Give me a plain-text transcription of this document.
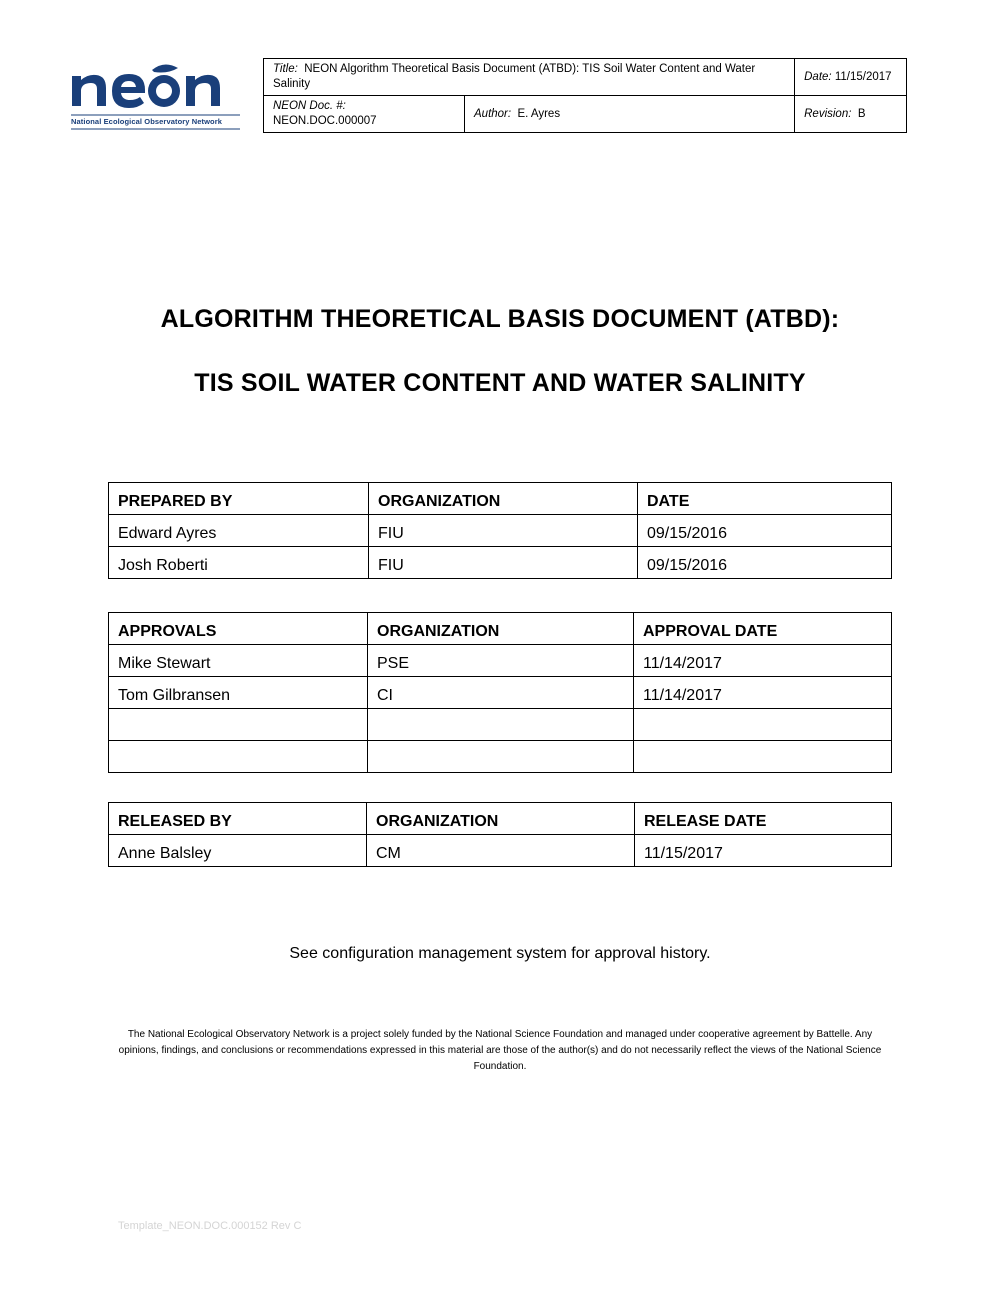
National Ecological Observatory Network
Title: NEON Algorithm Theoretical Basis Document (ATBD): TIS Soil Water Content and Water Salinity		Date: 11/15/2017
NEON Doc. #:  NEON.DOC.000007	Author: E. Ayres	Revision: B
ALGORITHM THEORETICAL BASIS DOCUMENT (ATBD):
TIS SOIL WATER CONTENT AND WATER SALINITY
PREPARED BY	ORGANIZATION	DATE
Edward Ayres	FIU	09/15/2016
Josh Roberti	FIU	09/15/2016
APPROVALS	ORGANIZATION	APPROVAL DATE
Mike Stewart	PSE	11/14/2017
Tom Gilbransen	CI	11/14/2017

RELEASED BY	ORGANIZATION	RELEASE DATE
Anne Balsley	CM	11/15/2017
See configuration management system for approval history.
The National Ecological Observatory Network is a project solely funded by the National Science Foundation and managed under cooperative agreement by Battelle. Any opinions, findings, and conclusions or recommendations expressed in this material are those of the author(s) and do not necessarily reflect the views of the National Science Foundation.
Template_NEON.DOC.000152 Rev C
